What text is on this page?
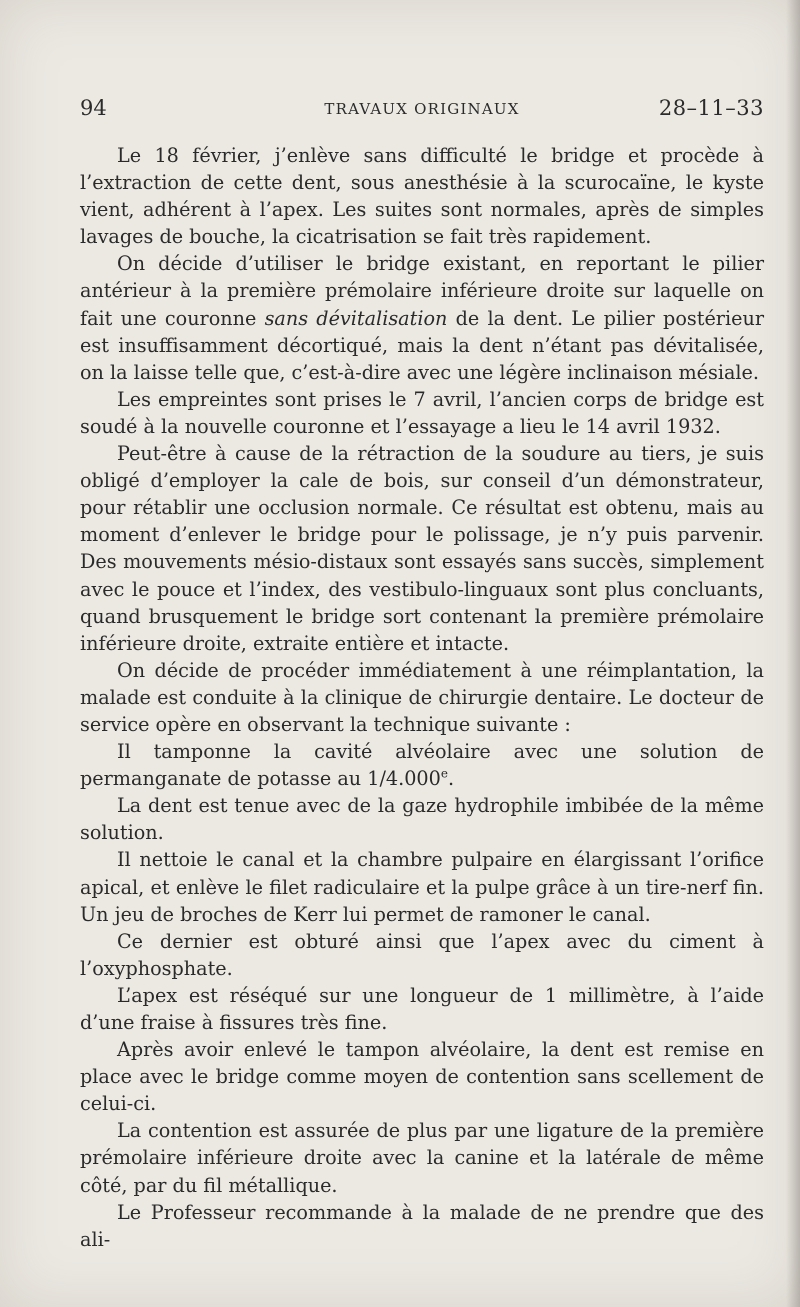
94	TRAVAUX ORIGINAUX	28–11–33

Le 18 février, j’enlève sans difficulté le bridge et procède à l’extraction de cette dent, sous anesthésie à la scurocaïne, le kyste vient, adhérent à l’apex. Les suites sont normales, après de simples lavages de bouche, la cicatrisation se fait très rapidement.

On décide d’utiliser le bridge existant, en reportant le pilier antérieur à la première prémolaire inférieure droite sur laquelle on fait une couronne sans dévitalisation de la dent. Le pilier postérieur est insuffisamment décortiqué, mais la dent n’étant pas dévitalisée, on la laisse telle que, c’est-à-dire avec une légère inclinaison mésiale.

Les empreintes sont prises le 7 avril, l’ancien corps de bridge est soudé à la nouvelle couronne et l’essayage a lieu le 14 avril 1932.

Peut-être à cause de la rétraction de la soudure au tiers, je suis obligé d’employer la cale de bois, sur conseil d’un démonstrateur, pour rétablir une occlusion normale. Ce résultat est obtenu, mais au moment d’enlever le bridge pour le polissage, je n’y puis parvenir. Des mouvements mésio-distaux sont essayés sans succès, simplement avec le pouce et l’index, des vestibulo-linguaux sont plus concluants, quand brusquement le bridge sort contenant la première prémolaire inférieure droite, extraite entière et intacte.

On décide de procéder immédiatement à une réimplantation, la malade est conduite à la clinique de chirurgie dentaire. Le docteur de service opère en observant la technique suivante :

Il tamponne la cavité alvéolaire avec une solution de permanganate de potasse au 1/4.000e.

La dent est tenue avec de la gaze hydrophile imbibée de la même solution.

Il nettoie le canal et la chambre pulpaire en élargissant l’orifice apical, et enlève le filet radiculaire et la pulpe grâce à un tire-nerf fin. Un jeu de broches de Kerr lui permet de ramoner le canal.

Ce dernier est obturé ainsi que l’apex avec du ciment à l’oxyphosphate.

L’apex est réséqué sur une longueur de 1 millimètre, à l’aide d’une fraise à fissures très fine.

Après avoir enlevé le tampon alvéolaire, la dent est remise en place avec le bridge comme moyen de contention sans scellement de celui-ci.

La contention est assurée de plus par une ligature de la première prémolaire inférieure droite avec la canine et la latérale de même côté, par du fil métallique.

Le Professeur recommande à la malade de ne prendre que des ali-
